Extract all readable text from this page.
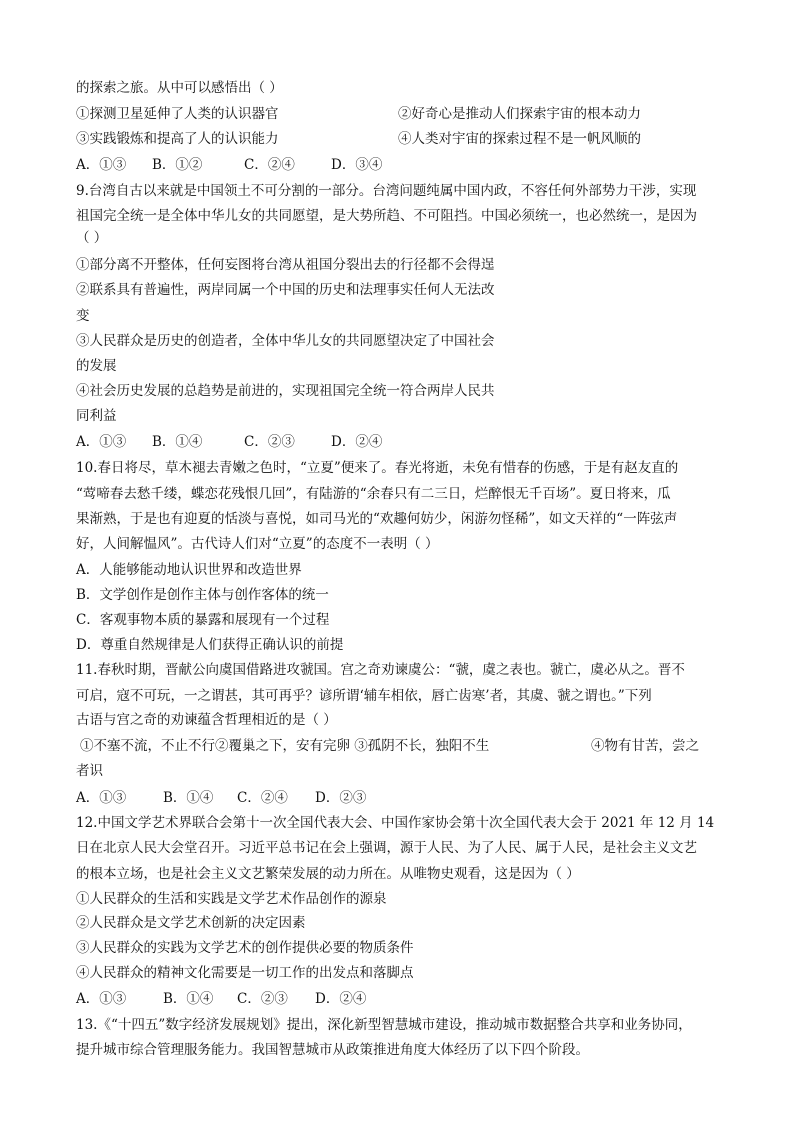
的探索之旅。从中可以感悟出（ ）
①探测卫星延伸了人类的认识器官	②好奇心是推动人们探索宇宙的根本动力
③实践锻炼和提高了人的认识能力	④人类对宇宙的探索过程不是一帆风顺的
A．①③ B．①②	C．②④	D．③④
9.台湾自古以来就是中国领土不可分割的一部分。台湾问题纯属中国内政，不容任何外部势力干涉，实现
祖国完全统一是全体中华儿女的共同愿望，是大势所趋、不可阻挡。中国必须统一，也必然统一，是因为
（ ）
①部分离不开整体，任何妄图将台湾从祖国分裂出去的行径都不会得逞
②联系具有普遍性，两岸同属一个中国的历史和法理事实任何人无法改
变
③人民群众是历史的创造者，全体中华儿女的共同愿望决定了中国社会
的发展
④社会历史发展的总趋势是前进的，实现祖国完全统一符合两岸人民共
同利益
A．①③ B．①④	C．②③	D．②④
10.春日将尽，草木褪去青嫩之色时，“立夏”便来了。春光将逝，未免有惜春的伤感，于是有赵友直的
“莺啼春去愁千缕，蝶恋花残恨几回”，有陆游的“余春只有二三日，烂醉恨无千百场”。夏日将来，瓜
果渐熟，于是也有迎夏的恬淡与喜悦，如司马光的“欢趣何妨少，闲游勿怪稀”，如文天祥的“一阵弦声
好，人间解愠风”。古代诗人们对“立夏”的态度不一表明（ ）
A．人能够能动地认识世界和改造世界
B．文学创作是创作主体与创作客体的统一
C．客观事物本质的暴露和展现有一个过程
D．尊重自然规律是人们获得正确认识的前提
11.春秋时期，晋献公向虞国借路进攻虢国。宫之奇劝谏虞公：“虢，虞之表也。虢亡，虞必从之。晋不
可启，寇不可玩，一之谓甚，其可再乎？谚所谓‘辅车相依，唇亡齿寒’者，其虞、虢之谓也。”下列
古语与宫之奇的劝谏蕴含哲理相近的是（ ）
①不塞不流，不止不行②覆巢之下，安有完卵 ③孤阴不长，独阳不生	④物有甘苦，尝之
者识
A．①③	B．①④ C．②④ D．②③
12.中国文学艺术界联合会第十一次全国代表大会、中国作家协会第十次全国代表大会于 2021 年 12 月 14
日在北京人民大会堂召开。习近平总书记在会上强调，源于人民、为了人民、属于人民，是社会主义文艺
的根本立场，也是社会主义文艺繁荣发展的动力所在。从唯物史观看，这是因为（ ）
①人民群众的生活和实践是文学艺术作品创作的源泉
②人民群众是文学艺术创新的决定因素
③人民群众的实践为文学艺术的创作提供必要的物质条件
④人民群众的精神文化需要是一切工作的出发点和落脚点
A．①③	B．①④ C．②③ D．②④
13.《“十四五”数字经济发展规划》提出，深化新型智慧城市建设，推动城市数据整合共享和业务协同，
提升城市综合管理服务能力。我国智慧城市从政策推进角度大体经历了以下四个阶段。
